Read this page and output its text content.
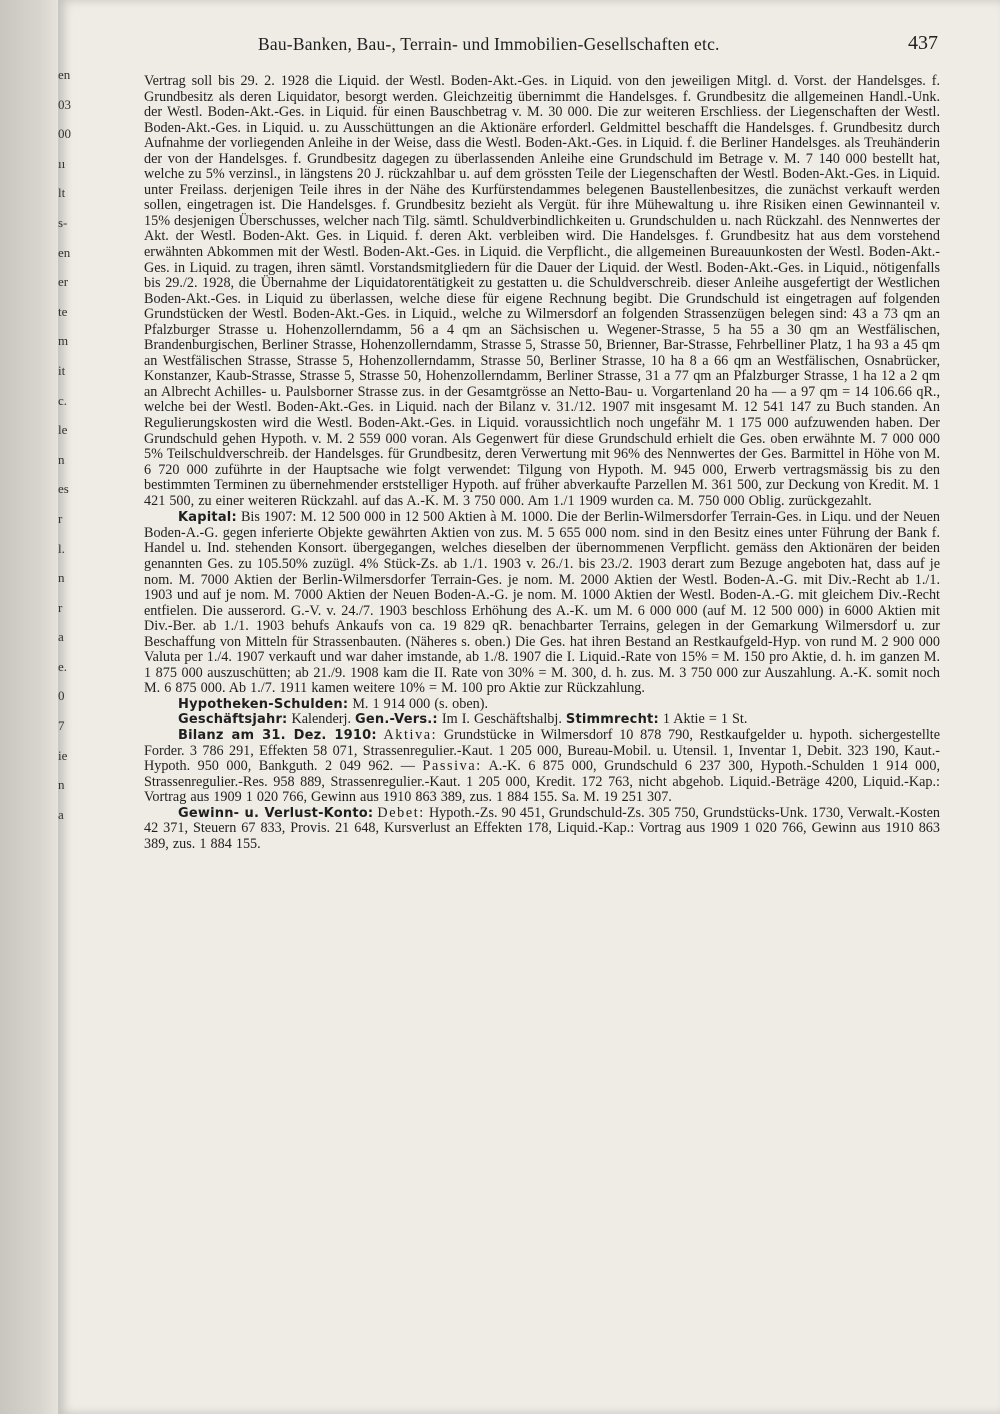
en
03
00
ıı
lt
s-
en
er
te
m
it
c.
le
n
es
r
l.
n
r
a
e.
0
7
ie
n
a
Bau-Banken, Bau-, Terrain- und Immobilien-Gesellschaften etc.	437

Vertrag soll bis 29. 2. 1928 die Liquid. der Westl. Boden-Akt.-Ges. in Liquid. von den jeweiligen Mitgl. d. Vorst. der Handelsges. f. Grundbesitz als deren Liquidator, besorgt werden. Gleichzeitig übernimmt die Handelsges. f. Grundbesitz die allgemeinen Handl.-Unk. der Westl. Boden-Akt.-Ges. in Liquid. für einen Bauschbetrag v. M. 30 000. Die zur weiteren Erschliess. der Liegenschaften der Westl. Boden-Akt.-Ges. in Liquid. u. zu Ausschüttungen an die Aktionäre erforderl. Geldmittel beschafft die Handelsges. f. Grundbesitz durch Aufnahme der vorliegenden Anleihe in der Weise, dass die Westl. Boden-Akt.-Ges. in Liquid. f. die Berliner Handelsges. als Treuhänderin der von der Handelsges. f. Grundbesitz dagegen zu überlassenden Anleihe eine Grundschuld im Betrage v. M. 7 140 000 bestellt hat, welche zu 5% verzinsl., in längstens 20 J. rückzahlbar u. auf dem grössten Teile der Liegenschaften der Westl. Boden-Akt.-Ges. in Liquid. unter Freilass. derjenigen Teile ihres in der Nähe des Kurfürstendammes belegenen Baustellenbesitzes, die zunächst verkauft werden sollen, eingetragen ist. Die Handelsges. f. Grundbesitz bezieht als Vergüt. für ihre Mühewaltung u. ihre Risiken einen Gewinnanteil v. 15% desjenigen Überschusses, welcher nach Tilg. sämtl. Schuldverbindlichkeiten u. Grundschulden u. nach Rückzahl. des Nennwertes der Akt. der Westl. Boden-Akt. Ges. in Liquid. f. deren Akt. verbleiben wird. Die Handelsges. f. Grundbesitz hat aus dem vorstehend erwähnten Abkommen mit der Westl. Boden-Akt.-Ges. in Liquid. die Verpflicht., die allgemeinen Bureauunkosten der Westl. Boden-Akt.-Ges. in Liquid. zu tragen, ihren sämtl. Vorstandsmitgliedern für die Dauer der Liquid. der Westl. Boden-Akt.-Ges. in Liquid., nötigenfalls bis 29./2. 1928, die Übernahme der Liquidatorentätigkeit zu gestatten u. die Schuldverschreib. dieser Anleihe ausgefertigt der Westlichen Boden-Akt.-Ges. in Liquid zu überlassen, welche diese für eigene Rechnung begibt. Die Grundschuld ist eingetragen auf folgenden Grundstücken der Westl. Boden-Akt.-Ges. in Liquid., welche zu Wilmersdorf an folgenden Strassenzügen belegen sind: 43 a 73 qm an Pfalzburger Strasse u. Hohenzollerndamm, 56 a 4 qm an Sächsischen u. Wegener-Strasse, 5 ha 55 a 30 qm an Westfälischen, Brandenburgischen, Berliner Strasse, Hohenzollerndamm, Strasse 5, Strasse 50, Brienner, Bar-Strasse, Fehrbelliner Platz, 1 ha 93 a 45 qm an Westfälischen Strasse, Strasse 5, Hohenzollerndamm, Strasse 50, Berliner Strasse, 10 ha 8 a 66 qm an Westfälischen, Osnabrücker, Konstanzer, Kaub-Strasse, Strasse 5, Strasse 50, Hohenzollerndamm, Berliner Strasse, 31 a 77 qm an Pfalzburger Strasse, 1 ha 12 a 2 qm an Albrecht Achilles- u. Paulsborner Strasse zus. in der Gesamtgrösse an Netto-Bau- u. Vorgartenland 20 ha — a 97 qm = 14 106.66 qR., welche bei der Westl. Boden-Akt.-Ges. in Liquid. nach der Bilanz v. 31./12. 1907 mit insgesamt M. 12 541 147 zu Buch standen. An Regulierungskosten wird die Westl. Boden-Akt.-Ges. in Liquid. voraussichtlich noch ungefähr M. 1 175 000 aufzuwenden haben. Der Grundschuld gehen Hypoth. v. M. 2 559 000 voran. Als Gegenwert für diese Grundschuld erhielt die Ges. oben erwähnte M. 7 000 000 5% Teilschuldverschreib. der Handelsges. für Grundbesitz, deren Verwertung mit 96% des Nennwertes der Ges. Barmittel in Höhe von M. 6 720 000 zuführte in der Hauptsache wie folgt verwendet: Tilgung von Hypoth. M. 945 000, Erwerb vertragsmässig bis zu den bestimmten Terminen zu übernehmender erststelliger Hypoth. auf früher abverkaufte Parzellen M. 361 500, zur Deckung von Kredit. M. 1 421 500, zu einer weiteren Rückzahl. auf das A.-K. M. 3 750 000. Am 1./1 1909 wurden ca. M. 750 000 Oblig. zurückgezahlt.

Kapital: Bis 1907: M. 12 500 000 in 12 500 Aktien à M. 1000. Die der Berlin-Wilmersdorfer Terrain-Ges. in Liqu. und der Neuen Boden-A.-G. gegen inferierte Objekte gewährten Aktien von zus. M. 5 655 000 nom. sind in den Besitz eines unter Führung der Bank f. Handel u. Ind. stehenden Konsort. übergegangen, welches dieselben der übernommenen Verpflicht. gemäss den Aktionären der beiden genannten Ges. zu 105.50% zuzügl. 4% Stück-Zs. ab 1./1. 1903 v. 26./1. bis 23./2. 1903 derart zum Bezuge angeboten hat, dass auf je nom. M. 7000 Aktien der Berlin-Wilmersdorfer Terrain-Ges. je nom. M. 2000 Aktien der Westl. Boden-A.-G. mit Div.-Recht ab 1./1. 1903 und auf je nom. M. 7000 Aktien der Neuen Boden-A.-G. je nom. M. 1000 Aktien der Westl. Boden-A.-G. mit gleichem Div.-Recht entfielen. Die ausserord. G.-V. v. 24./7. 1903 beschloss Erhöhung des A.-K. um M. 6 000 000 (auf M. 12 500 000) in 6000 Aktien mit Div.-Ber. ab 1./1. 1903 behufs Ankaufs von ca. 19 829 qR. benachbarter Terrains, gelegen in der Gemarkung Wilmersdorf u. zur Beschaffung von Mitteln für Strassenbauten. (Näheres s. oben.) Die Ges. hat ihren Bestand an Restkaufgeld-Hyp. von rund M. 2 900 000 Valuta per 1./4. 1907 verkauft und war daher imstande, ab 1./8. 1907 die I. Liquid.-Rate von 15% = M. 150 pro Aktie, d. h. im ganzen M. 1 875 000 auszuschütten; ab 21./9. 1908 kam die II. Rate von 30% = M. 300, d. h. zus. M. 3 750 000 zur Auszahlung. A.-K. somit noch M. 6 875 000. Ab 1./7. 1911 kamen weitere 10% = M. 100 pro Aktie zur Rückzahlung.

Hypotheken-Schulden: M. 1 914 000 (s. oben).

Geschäftsjahr: Kalenderj. Gen.-Vers.: Im I. Geschäftshalbj. Stimmrecht: 1 Aktie = 1 St.

Bilanz am 31. Dez. 1910: Aktiva: Grundstücke in Wilmersdorf 10 878 790, Restkaufgelder u. hypoth. sichergestellte Forder. 3 786 291, Effekten 58 071, Strassenregulier.-Kaut. 1 205 000, Bureau-Mobil. u. Utensil. 1, Inventar 1, Debit. 323 190, Kaut.-Hypoth. 950 000, Bankguth. 2 049 962. — Passiva: A.-K. 6 875 000, Grundschuld 6 237 300, Hypoth.-Schulden 1 914 000, Strassenregulier.-Res. 958 889, Strassenregulier.-Kaut. 1 205 000, Kredit. 172 763, nicht abgehob. Liquid.-Beträge 4200, Liquid.-Kap.: Vortrag aus 1909 1 020 766, Gewinn aus 1910 863 389, zus. 1 884 155. Sa. M. 19 251 307.

Gewinn- u. Verlust-Konto: Debet: Hypoth.-Zs. 90 451, Grundschuld-Zs. 305 750, Grundstücks-Unk. 1730, Verwalt.-Kosten 42 371, Steuern 67 833, Provis. 21 648, Kursverlust an Effekten 178, Liquid.-Kap.: Vortrag aus 1909 1 020 766, Gewinn aus 1910 863 389, zus. 1 884 155.
